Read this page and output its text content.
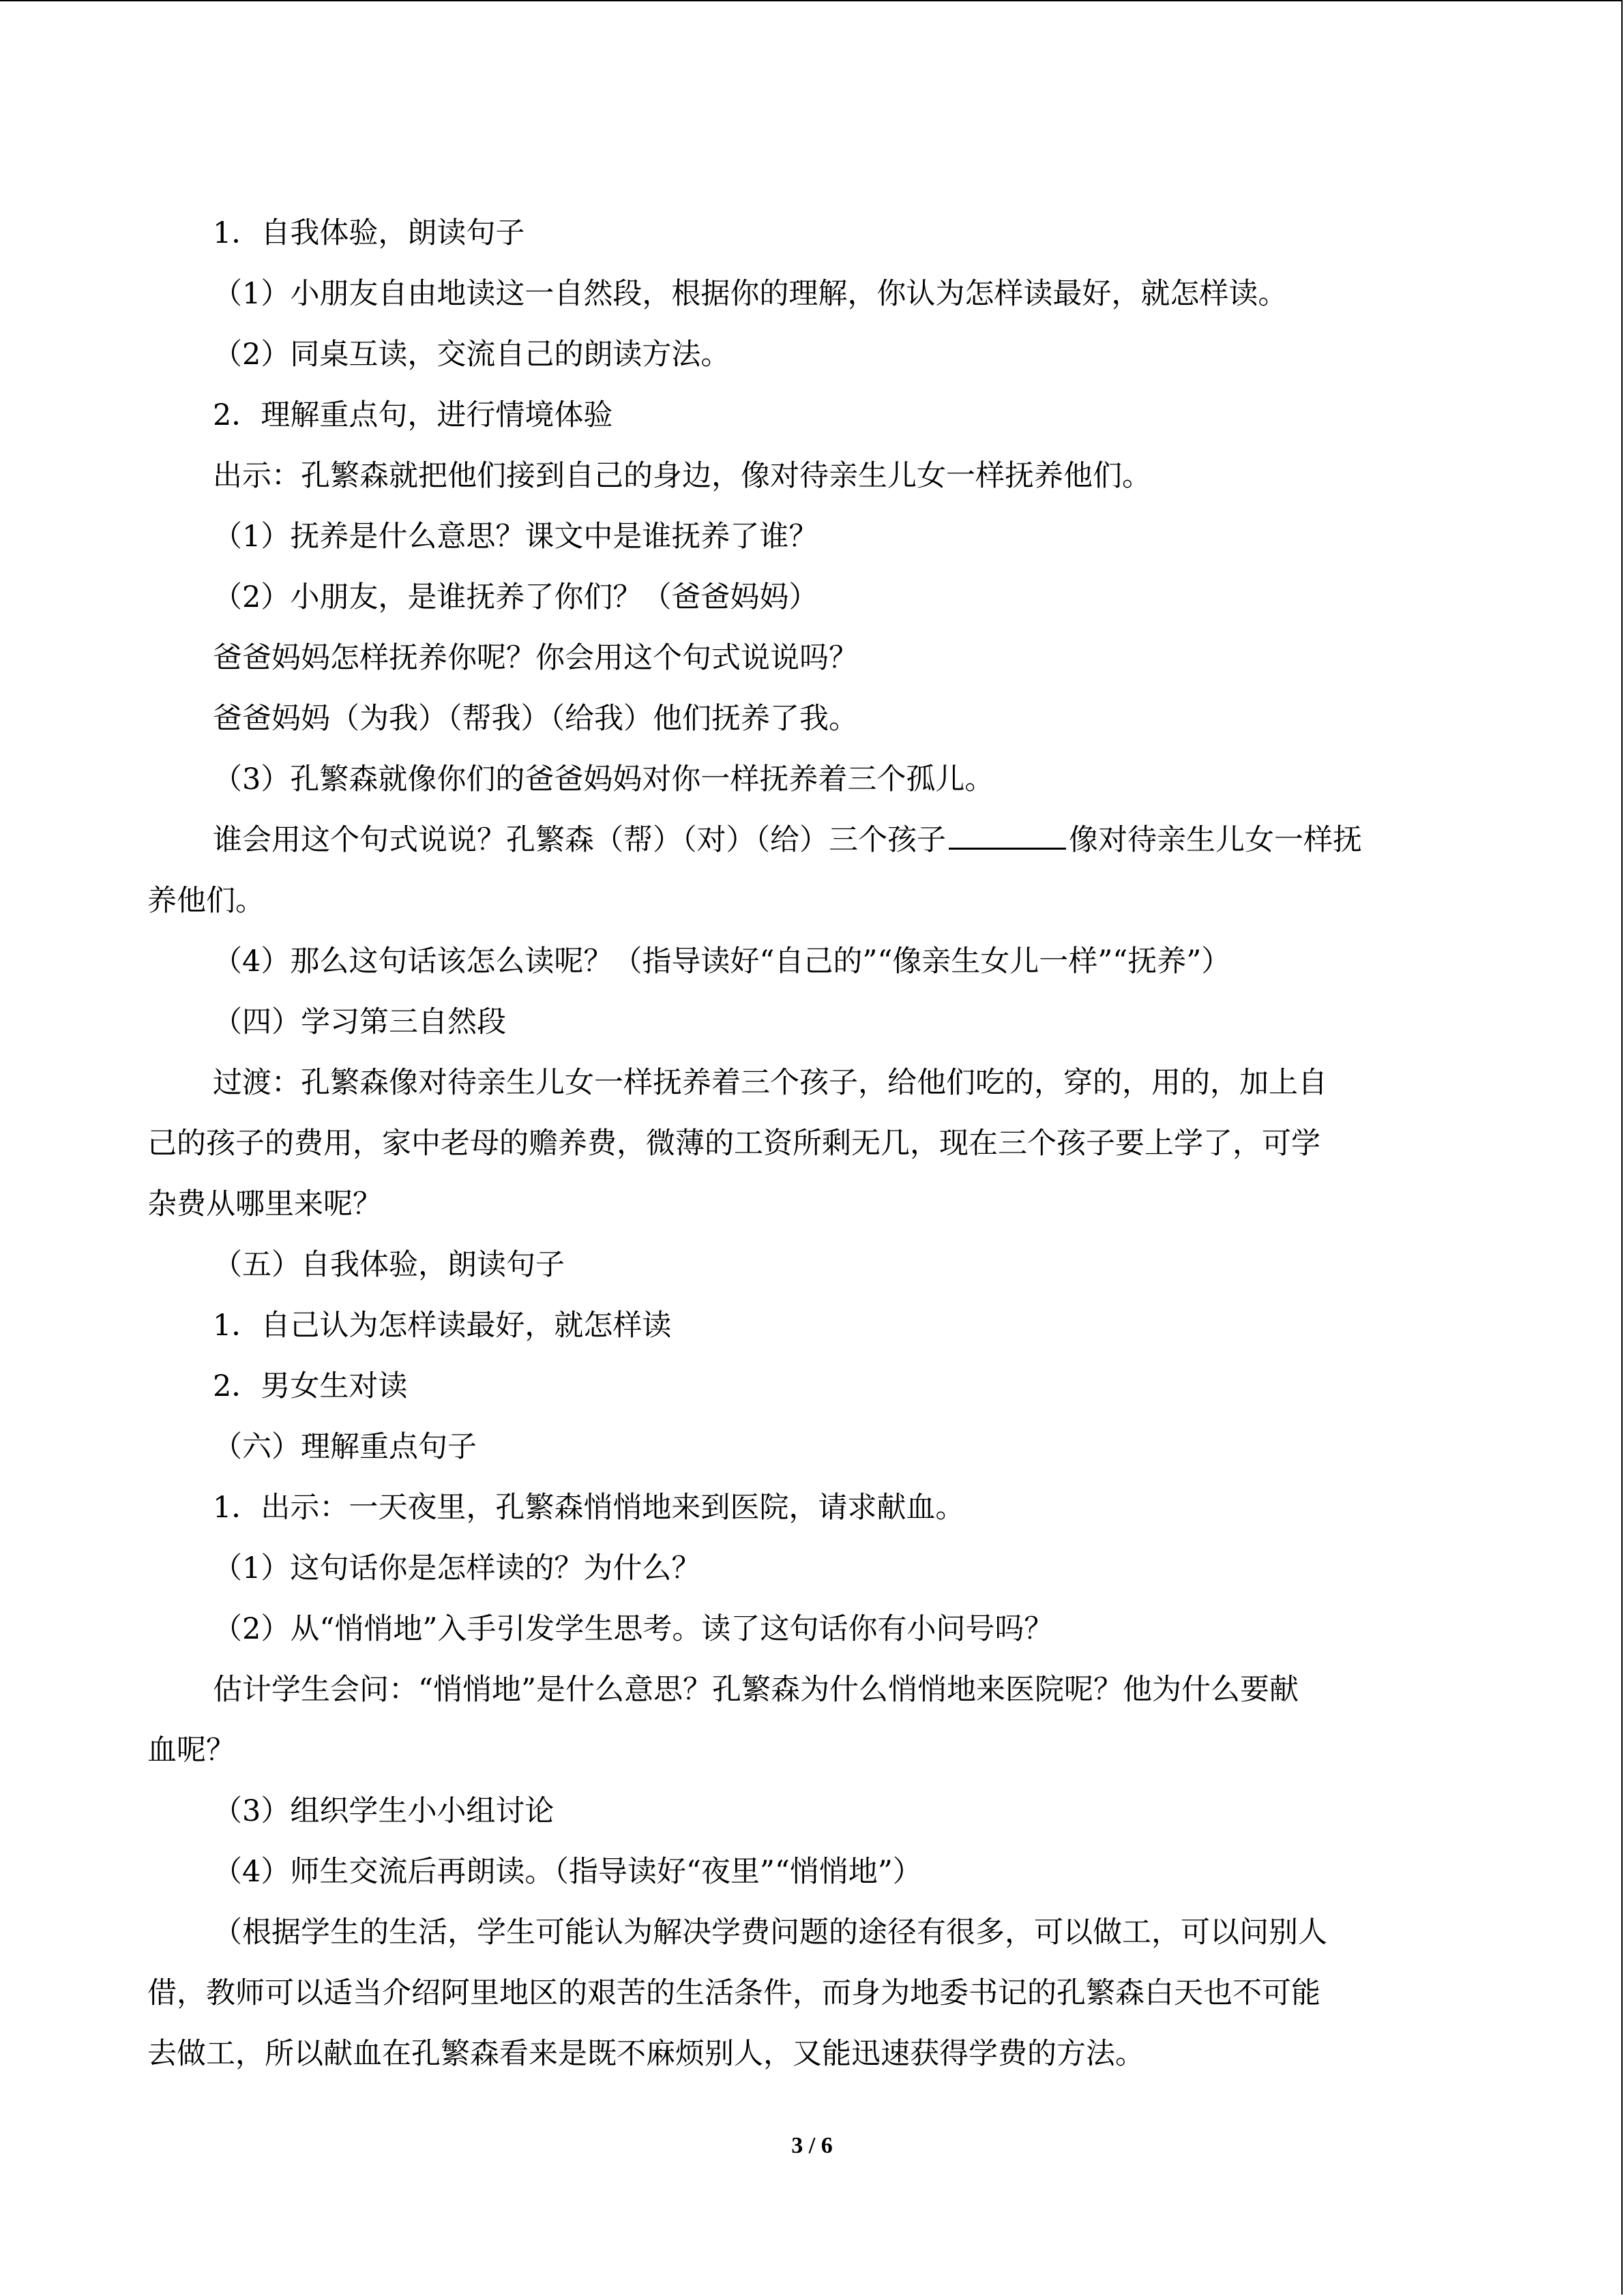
1．自我体验，朗读句子

（1）小朋友自由地读这一自然段，根据你的理解，你认为怎样读最好，就怎样读。

（2）同桌互读，交流自己的朗读方法。

2．理解重点句，进行情境体验

出示：孔繁森就把他们接到自己的身边，像对待亲生儿女一样抚养他们。

（1）抚养是什么意思？课文中是谁抚养了谁？

（2）小朋友，是谁抚养了你们？（爸爸妈妈）

爸爸妈妈怎样抚养你呢？你会用这个句式说说吗？

爸爸妈妈（为我）（帮我）（给我）他们抚养了我。

（3）孔繁森就像你们的爸爸妈妈对你一样抚养着三个孤儿。

谁会用这个句式说说？孔繁森（帮）（对）（给）三个孩子	像对待亲生儿女一样抚

养他们。

（4）那么这句话该怎么读呢？（指导读好“自己的”“像亲生女儿一样”“抚养”）

（四）学习第三自然段

过渡：孔繁森像对待亲生儿女一样抚养着三个孩子，给他们吃的，穿的，用的，加上自

己的孩子的费用，家中老母的赡养费，微薄的工资所剩无几，现在三个孩子要上学了，可学

杂费从哪里来呢？

（五）自我体验，朗读句子

1．自己认为怎样读最好，就怎样读

2．男女生对读

（六）理解重点句子

1．出示：一天夜里，孔繁森悄悄地来到医院，请求献血。

（1）这句话你是怎样读的？为什么？

（2）从“悄悄地”入手引发学生思考。读了这句话你有小问号吗？

估计学生会问：“悄悄地”是什么意思？孔繁森为什么悄悄地来医院呢？他为什么要献

血呢？

（3）组织学生小小组讨论

（4）师生交流后再朗读。（指导读好“夜里”“悄悄地”）

（根据学生的生活，学生可能认为解决学费问题的途径有很多，可以做工，可以问别人

借，教师可以适当介绍阿里地区的艰苦的生活条件，而身为地委书记的孔繁森白天也不可能

去做工，所以献血在孔繁森看来是既不麻烦别人，又能迅速获得学费的方法。

3 / 6
